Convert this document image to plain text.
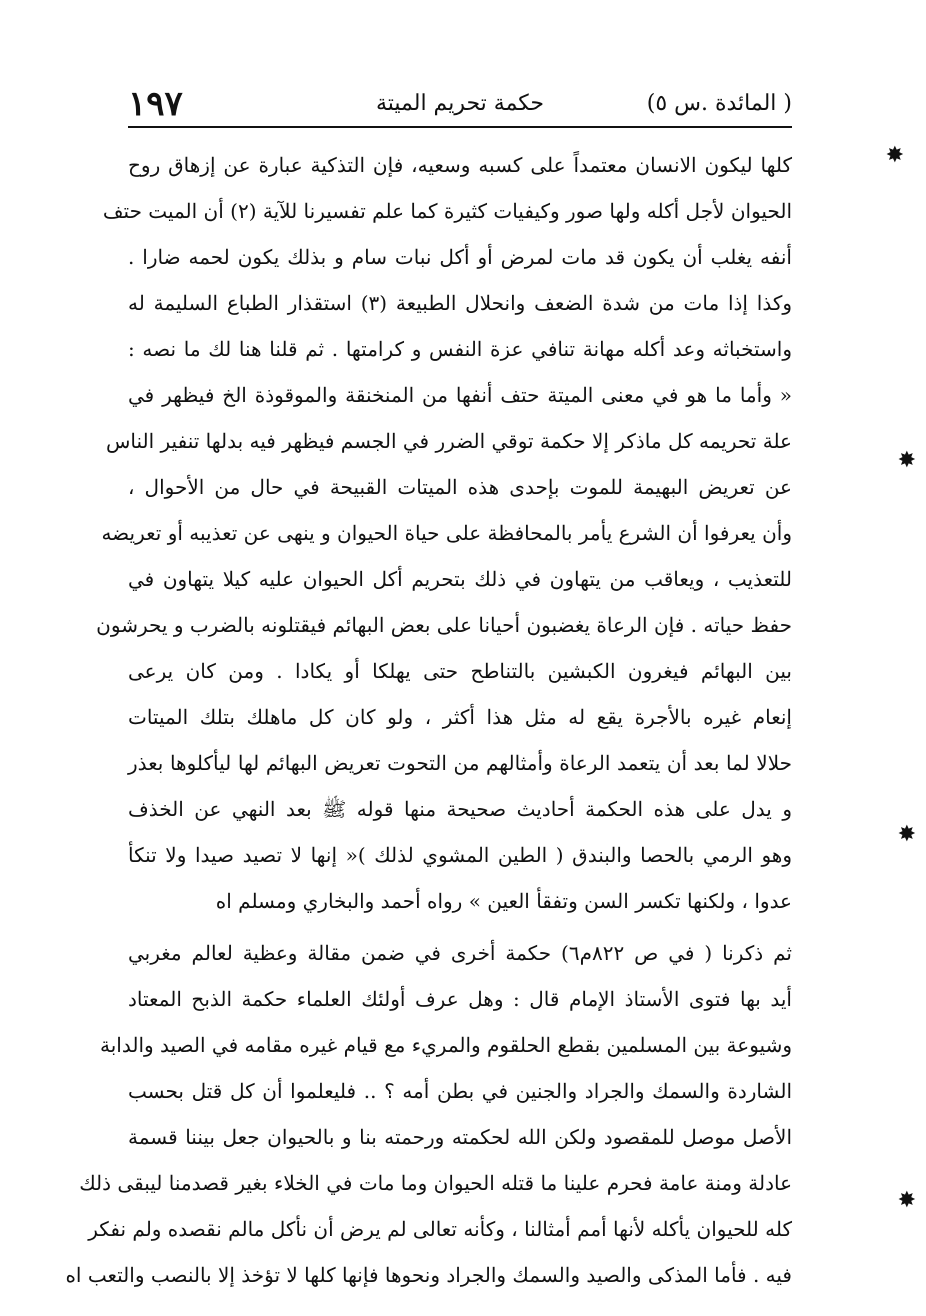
١٩٧	حكمة تحريم الميتة	( المائدة .س ٥)
كلها ليكون الانسان معتمداً على كسبه وسعيه، فإن التذكية عبارة عن إزهاق روح
الحيوان لأجل أكله ولها صور وكيفيات كثيرة كما علم تفسيرنا للآية (٢) أن الميت حتف
أنفه يغلب أن يكون قد مات لمرض أو أكل نبات سام و بذلك يكون لحمه ضارا .
وكذا إذا مات من شدة الضعف وانحلال الطبيعة (٣) استقذار الطباع السليمة له
واستخباثه وعد أكله مهانة تنافي عزة النفس و كرامتها . ثم قلنا هنا لك ما نصه :
« وأما ما هو في معنى الميتة حتف أنفها من المنخنقة والموقوذة الخ فيظهر في
علة تحريمه كل ماذكر إلا حكمة توقي الضرر في الجسم فيظهر فيه بدلها تنفير الناس
عن تعريض البهيمة للموت بإحدى هذه الميتات القبيحة في حال من الأحوال ،
وأن يعرفوا أن الشرع يأمر بالمحافظة على حياة الحيوان و ينهى عن تعذيبه أو تعريضه
للتعذيب ، ويعاقب من يتهاون في ذلك بتحريم أكل الحيوان عليه كيلا يتهاون في
حفظ حياته . فإن الرعاة يغضبون أحيانا على بعض البهائم فيقتلونه بالضرب و يحرشون
بين البهائم فيغرون الكبشين بالتناطح حتى يهلكا أو يكادا . ومن كان يرعى
إنعام غيره بالأجرة يقع له مثل هذا أكثر ، ولو كان كل ماهلك بتلك الميتات
حلالا لما بعد أن يتعمد الرعاة وأمثالهم من التحوت تعريض البهائم لها ليأكلوها بعذر
و يدل على هذه الحكمة أحاديث صحيحة منها قوله ﷺ بعد النهي عن الخذف
وهو الرمي بالحصا والبندق ( الطين المشوي لذلك )« إنها لا تصيد صيدا ولا تنكأ
عدوا ، ولكنها تكسر السن وتفقأ العين » رواه أحمد والبخاري ومسلم اه
ثم ذكرنا ( في ص ٨٢٢م٦) حكمة أخرى في ضمن مقالة وعظية لعالم مغربي
أيد بها فتوى الأستاذ الإمام قال : وهل عرف أولئك العلماء حكمة الذبح المعتاد
وشيوعة بين المسلمين بقطع الحلقوم والمريء مع قيام غيره مقامه في الصيد والدابة
الشاردة والسمك والجراد والجنين في بطن أمه ؟ .. فليعلموا أن كل قتل بحسب
الأصل موصل للمقصود ولكن الله لحكمته ورحمته بنا و بالحيوان جعل بيننا قسمة
عادلة ومنة عامة فحرم علينا ما قتله الحيوان وما مات في الخلاء بغير قصدمنا ليبقى ذلك
كله للحيوان يأكله لأنها أمم أمثالنا ، وكأنه تعالى لم يرض أن نأكل مالم نقصده ولم نفكر
فيه . فأما المذكى والصيد والسمك والجراد ونحوها فإنها كلها لا تؤخذ إلا بالنصب والتعب اه
✸
✸
✸
✸
